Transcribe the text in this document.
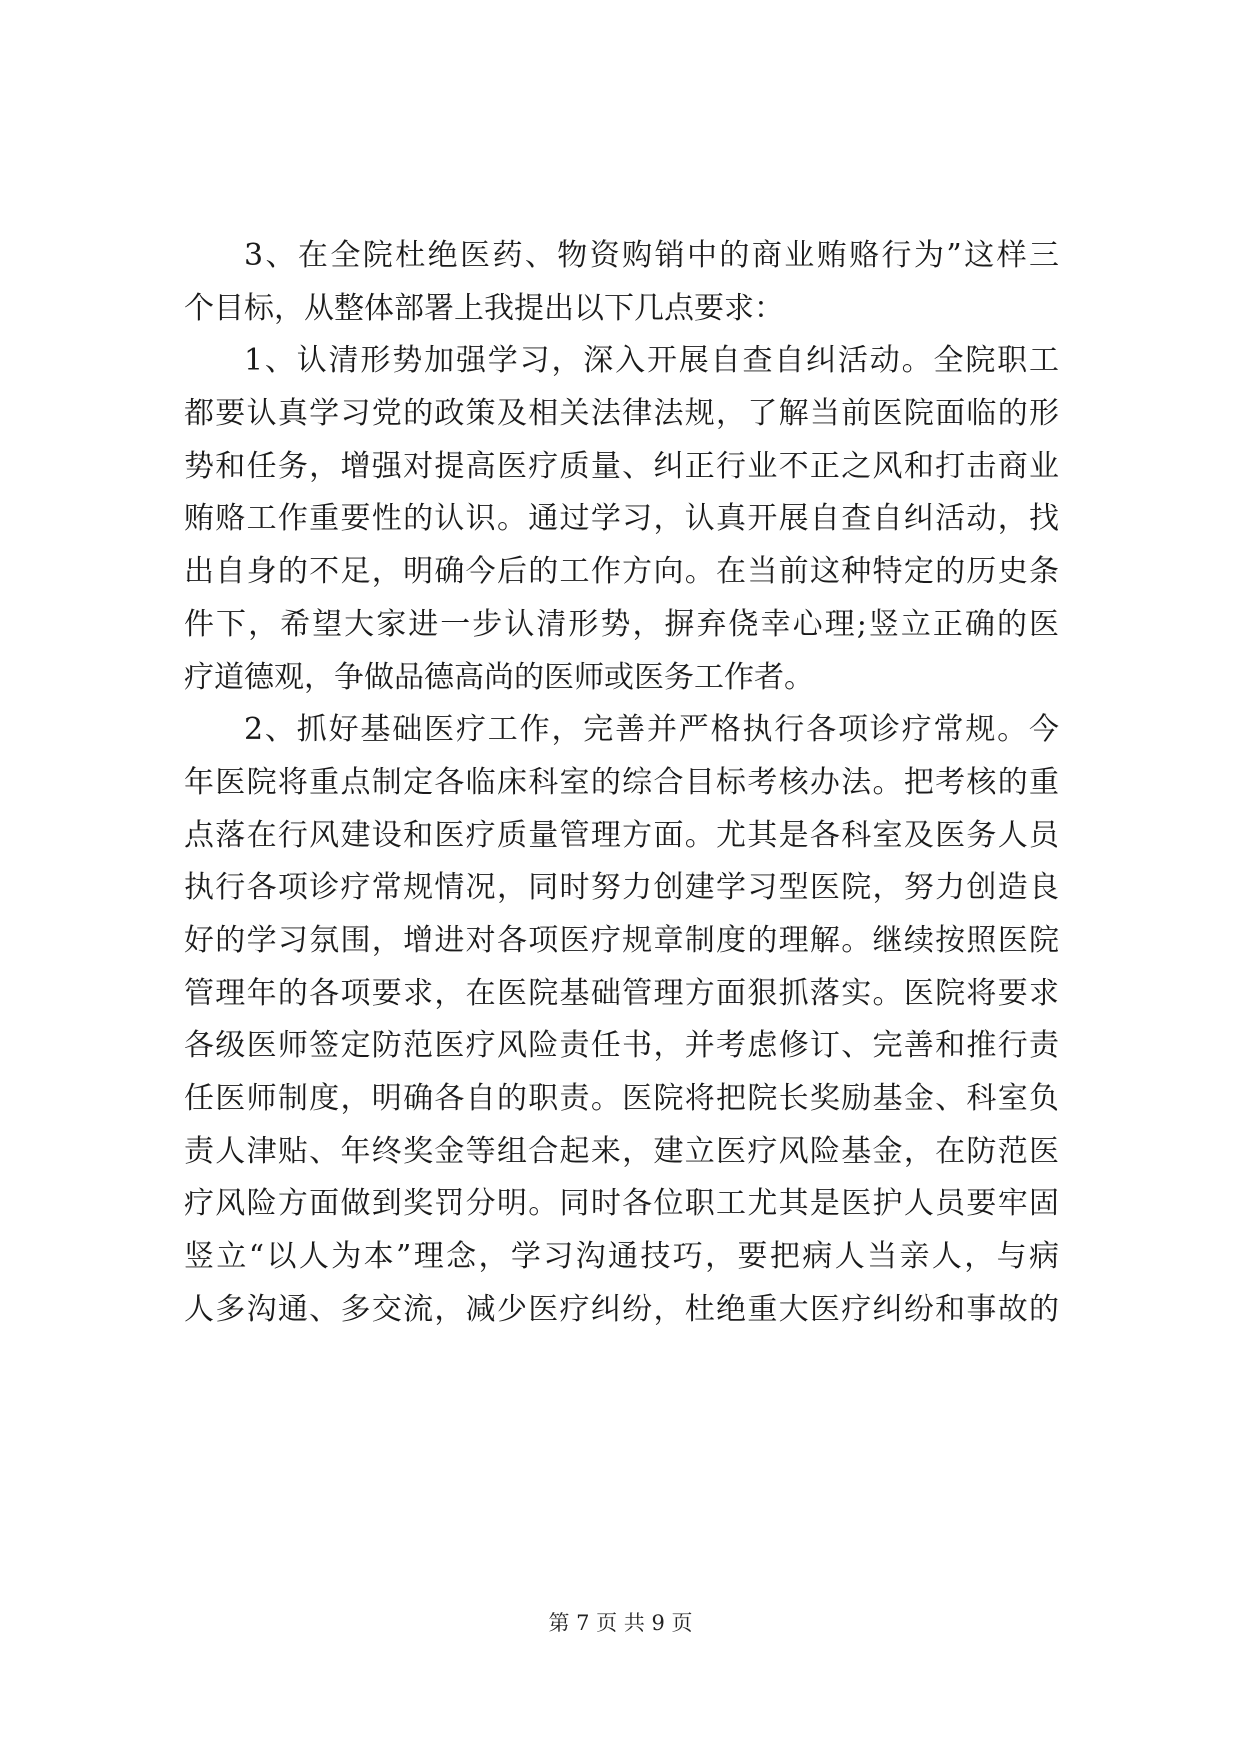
3、在全院杜绝医药、物资购销中的商业贿赂行为”这样三
个目标，从整体部署上我提出以下几点要求：
1、认清形势加强学习，深入开展自查自纠活动。全院职工
都要认真学习党的政策及相关法律法规，了解当前医院面临的形
势和任务，增强对提高医疗质量、纠正行业不正之风和打击商业
贿赂工作重要性的认识。通过学习，认真开展自查自纠活动，找
出自身的不足，明确今后的工作方向。在当前这种特定的历史条
件下，希望大家进一步认清形势，摒弃侥幸心理;竖立正确的医
疗道德观，争做品德高尚的医师或医务工作者。
2、抓好基础医疗工作，完善并严格执行各项诊疗常规。今
年医院将重点制定各临床科室的综合目标考核办法。把考核的重
点落在行风建设和医疗质量管理方面。尤其是各科室及医务人员
执行各项诊疗常规情况，同时努力创建学习型医院，努力创造良
好的学习氛围，增进对各项医疗规章制度的理解。继续按照医院
管理年的各项要求，在医院基础管理方面狠抓落实。医院将要求
各级医师签定防范医疗风险责任书，并考虑修订、完善和推行责
任医师制度，明确各自的职责。医院将把院长奖励基金、科室负
责人津贴、年终奖金等组合起来，建立医疗风险基金，在防范医
疗风险方面做到奖罚分明。同时各位职工尤其是医护人员要牢固
竖立“以人为本”理念，学习沟通技巧，要把病人当亲人，与病
人多沟通、多交流，减少医疗纠纷，杜绝重大医疗纠纷和事故的
第 7 页 共 9 页
